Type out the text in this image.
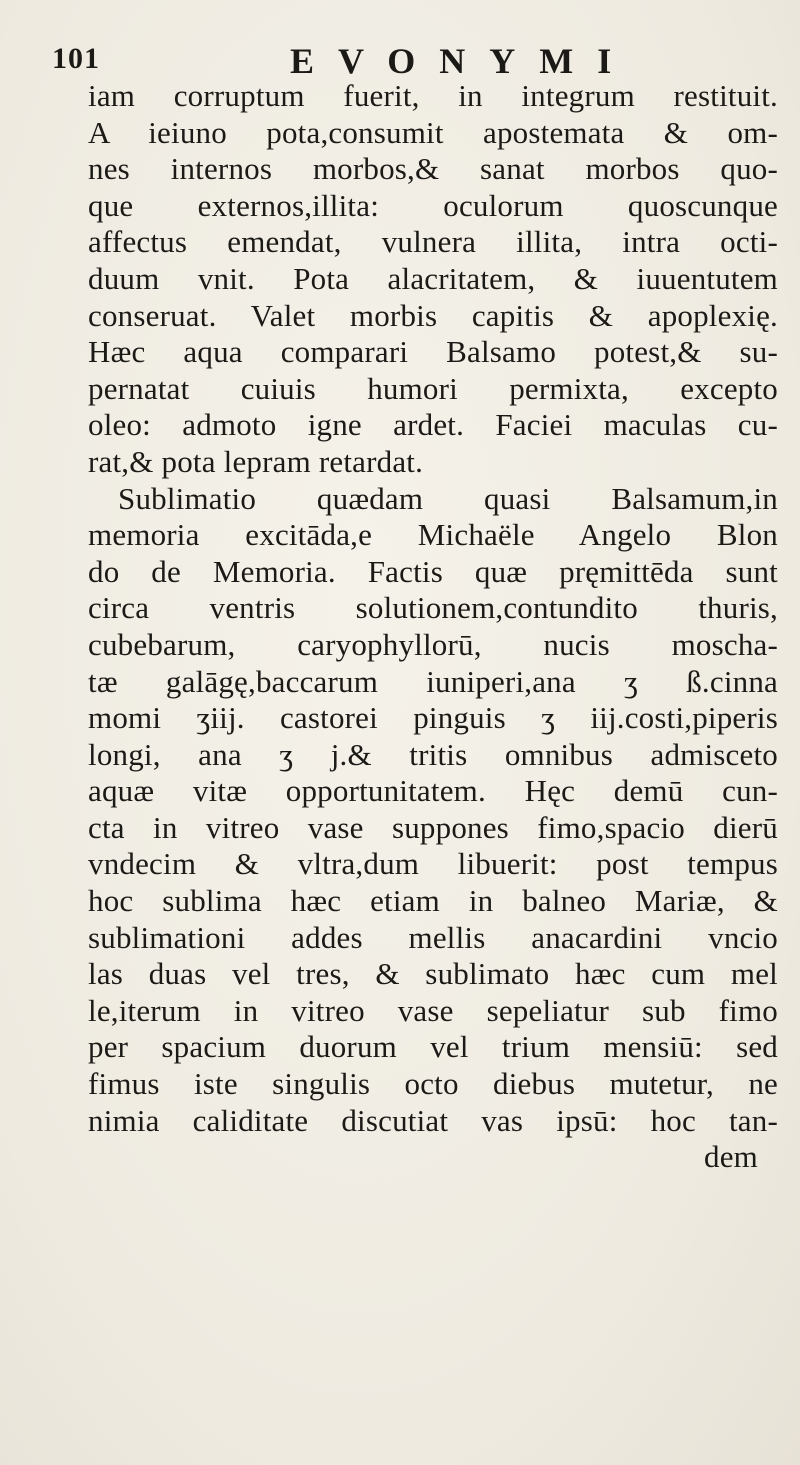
101	EVONYMI
iam corruptum fuerit, in integrum restituit.
A ieiuno pota,consumit apostemata & om-
nes internos morbos,& sanat morbos quo-
que externos,illita: oculorum quoscunque
affectus emendat, vulnera illita, intra octi-
duum vnit. Pota alacritatem, & iuuentutem
conseruat. Valet morbis capitis & apoplexię.
Hæc aqua comparari Balsamo potest,& su-
pernatat cuiuis humori permixta, excepto
oleo: admoto igne ardet. Faciei maculas cu-
rat,& pota lepram retardat.
Sublimatio quædam quasi Balsamum,in
memoria excitāda,e Michaële Angelo Blon
do de Memoria. Factis quæ pręmittēda sunt
circa ventris solutionem,contundito thuris,
cubebarum, caryophyllorū, nucis moscha-
tæ galāgę,baccarum iuniperi,ana ʒ ß.cinna
momi ʒiij. castorei pinguis ʒ iij.costi,piperis
longi, ana ʒ j.& tritis omnibus admisceto
aquæ vitæ opportunitatem. Hęc demū cun-
cta in vitreo vase suppones fimo,spacio dierū
vndecim & vltra,dum libuerit: post tempus
hoc sublima hæc etiam in balneo Mariæ, &
sublimationi addes mellis anacardini vncio
las duas vel tres, & sublimato hæc cum mel
le,iterum in vitreo vase sepeliatur sub fimo
per spacium duorum vel trium mensiū: sed
fimus iste singulis octo diebus mutetur, ne
nimia caliditate discutiat vas ipsū: hoc tan-
dem
